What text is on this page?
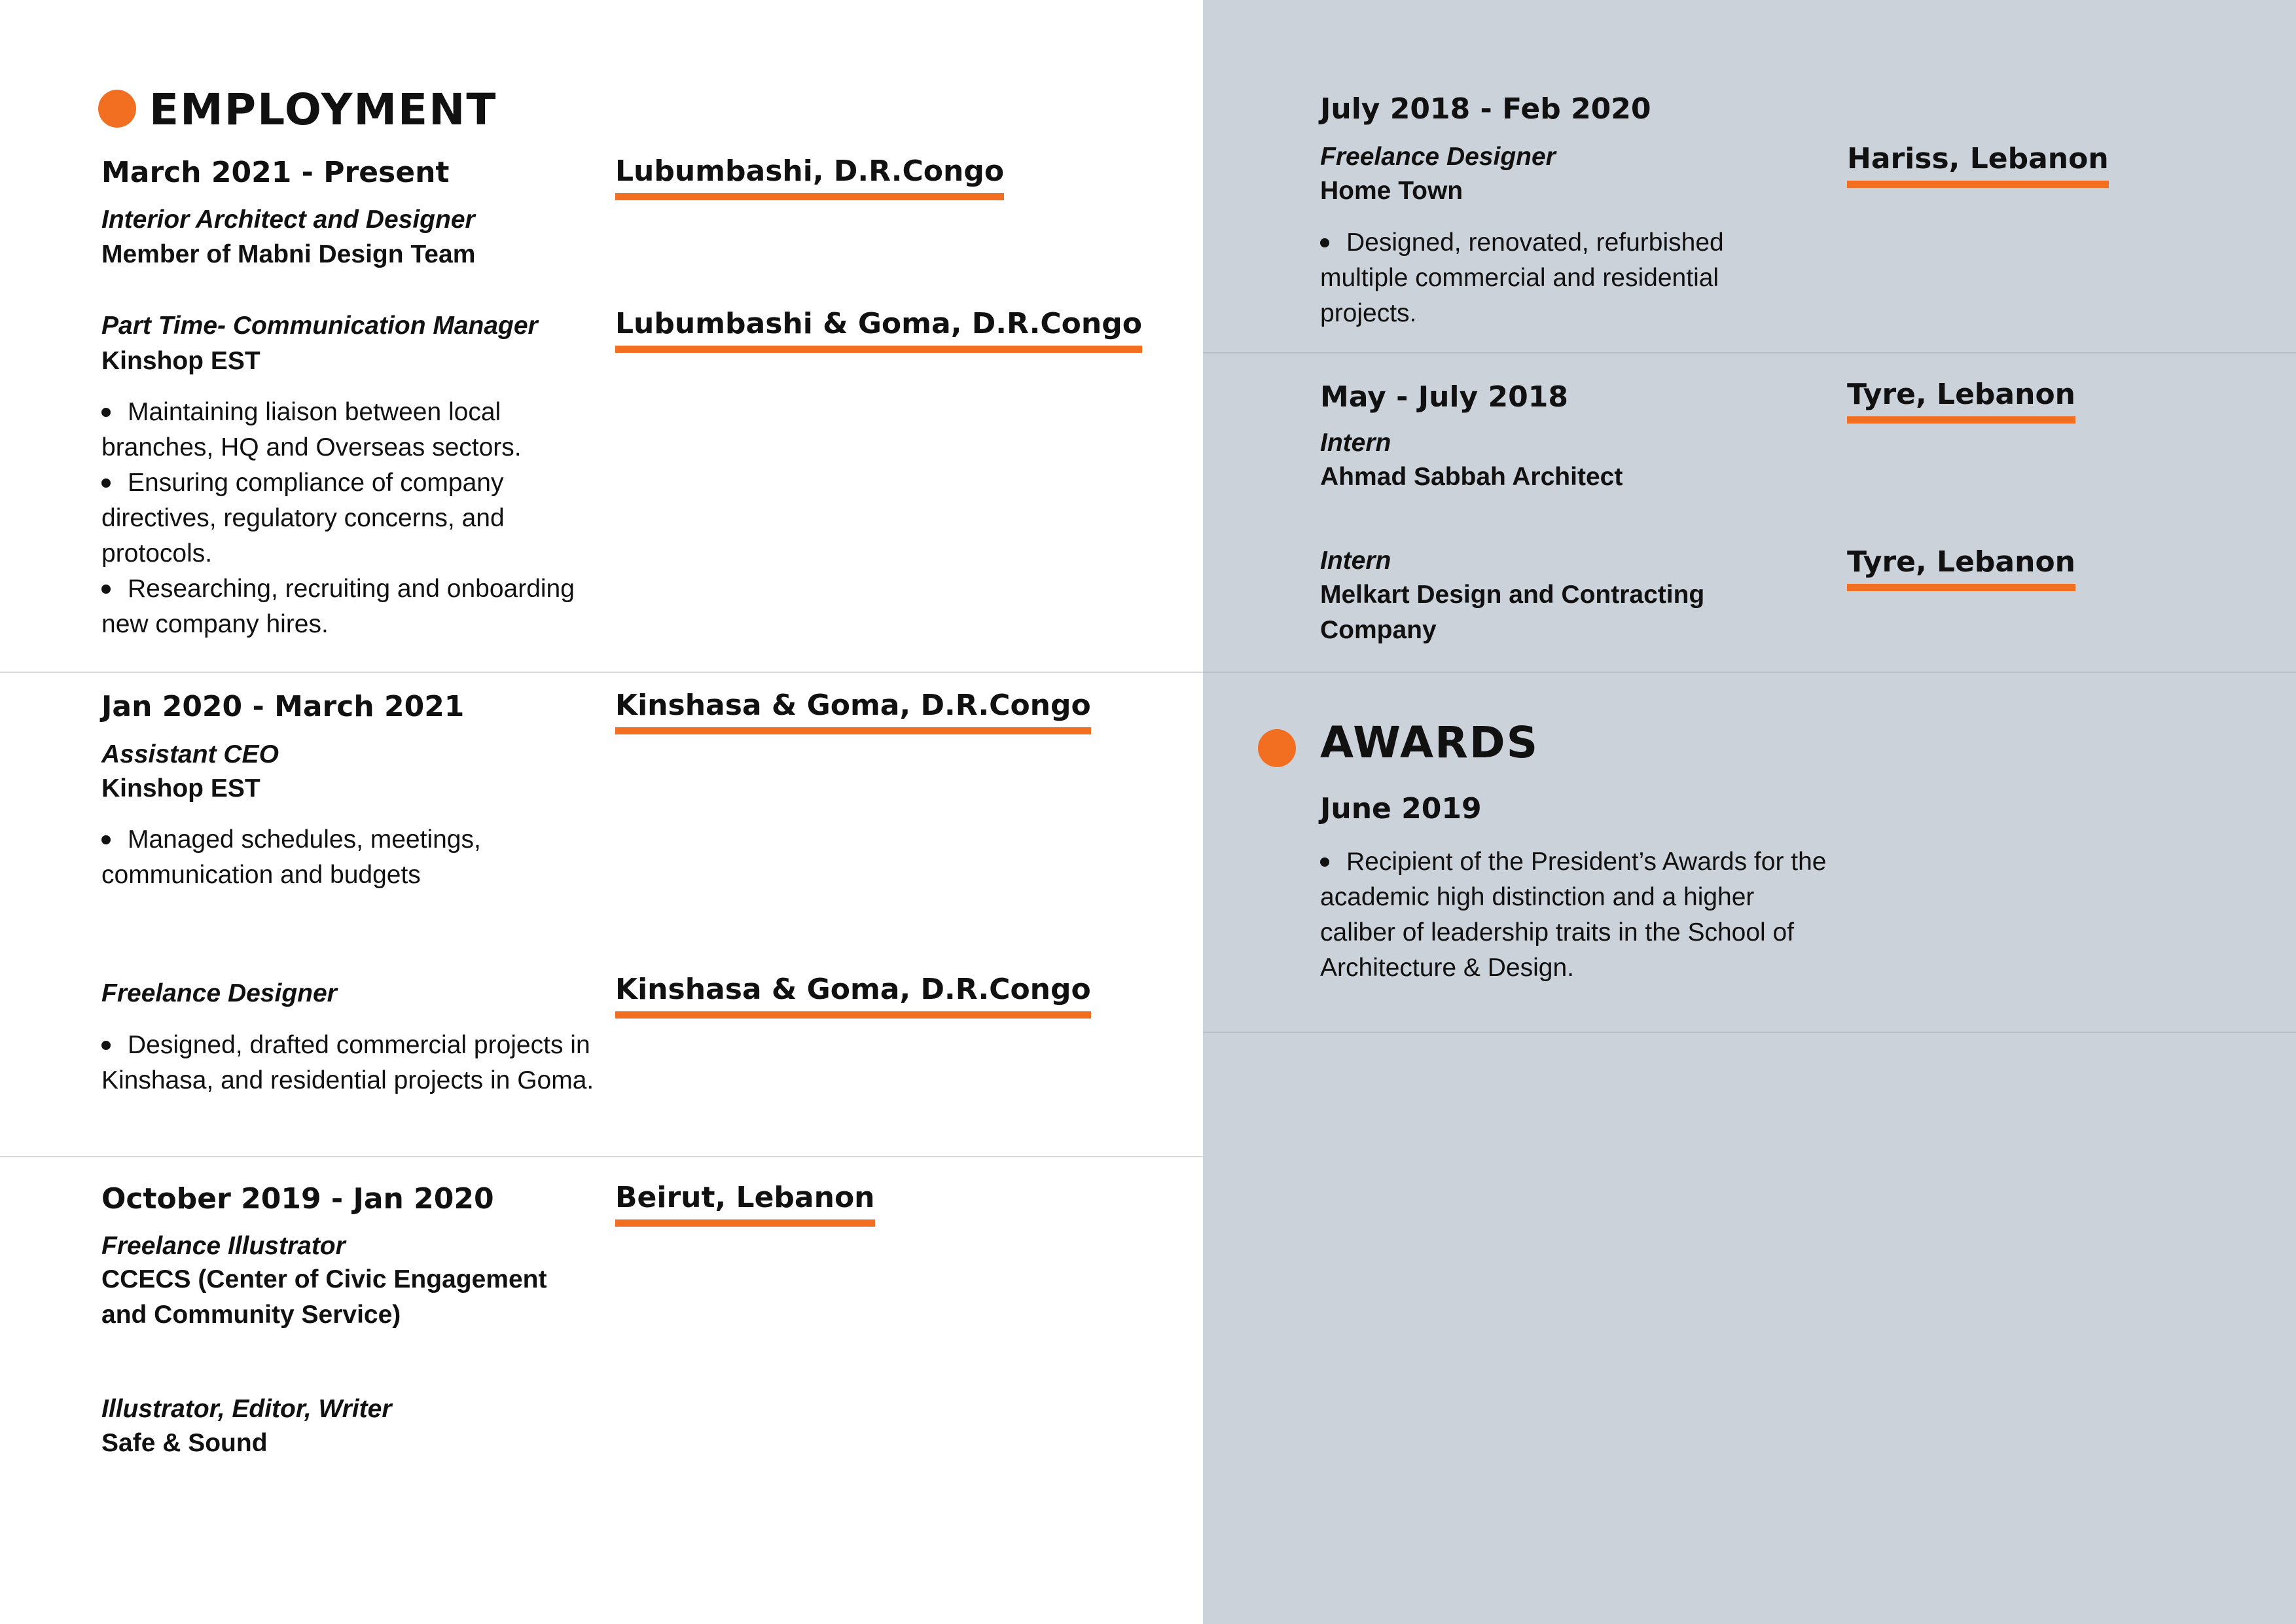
EMPLOYMENT
March 2021 - Present	Lubumbashi, D.R.Congo
Interior Architect and Designer
Member of Mabni Design Team
Part Time- Communication Manager	Lubumbashi & Goma, D.R.Congo
Kinshop EST
Maintaining liaison between local branches, HQ and Overseas sectors.
Ensuring compliance of company directives, regulatory concerns, and protocols.
Researching, recruiting and onboarding new company hires.
Jan 2020 - March 2021	Kinshasa & Goma, D.R.Congo
Assistant CEO
Kinshop EST
Managed schedules, meetings, communication and budgets
Freelance Designer	Kinshasa & Goma, D.R.Congo
Designed, drafted commercial projects in Kinshasa, and residential projects in Goma.
October 2019 - Jan 2020	Beirut, Lebanon
Freelance Illustrator
CCECS (Center of Civic Engagement and Community Service)
Illustrator, Editor, Writer
Safe & Sound
July 2018 - Feb 2020
Freelance Designer	Hariss, Lebanon
Home Town
Designed, renovated, refurbished multiple commercial and residential projects.
May - July 2018	Tyre, Lebanon
Intern
Ahmad Sabbah Architect
Intern	Tyre, Lebanon
Melkart Design and Contracting Company
AWARDS
June 2019
Recipient of the President’s Awards for the academic high distinction and a higher caliber of leadership traits in the School of Architecture & Design.
